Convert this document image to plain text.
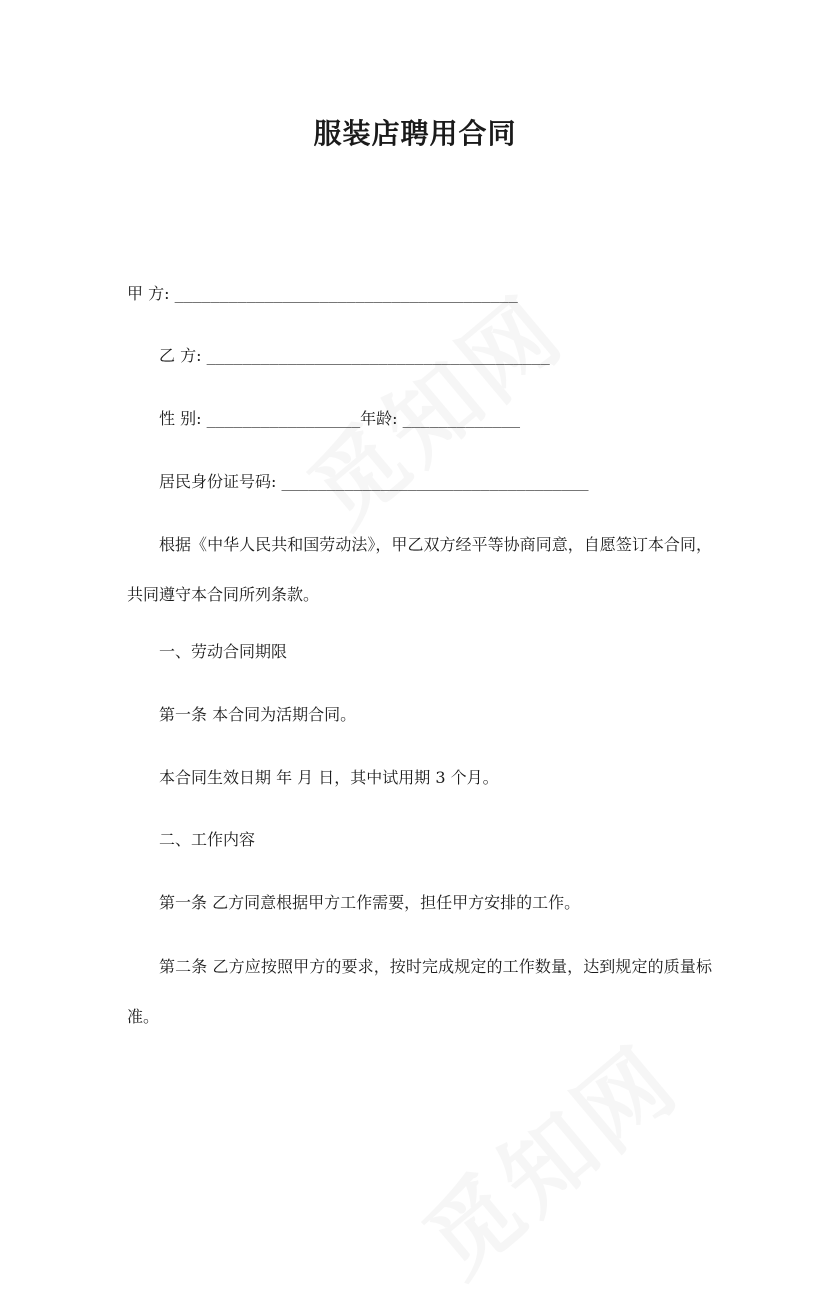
服装店聘用合同
甲 方: ______________________________________
乙 方: ______________________________________
性 别: _________________年龄: _____________
居民身份证号码: __________________________________
根据《中华人民共和国劳动法》，甲乙双方经平等协商同意，自愿签订本合同，共同遵守本合同所列条款。
一、劳动合同期限
第一条 本合同为活期合同。
本合同生效日期 年 月 日，其中试用期 3 个月。
二、工作内容
第一条 乙方同意根据甲方工作需要，担任甲方安排的工作。
第二条 乙方应按照甲方的要求，按时完成规定的工作数量，达到规定的质量标准。
